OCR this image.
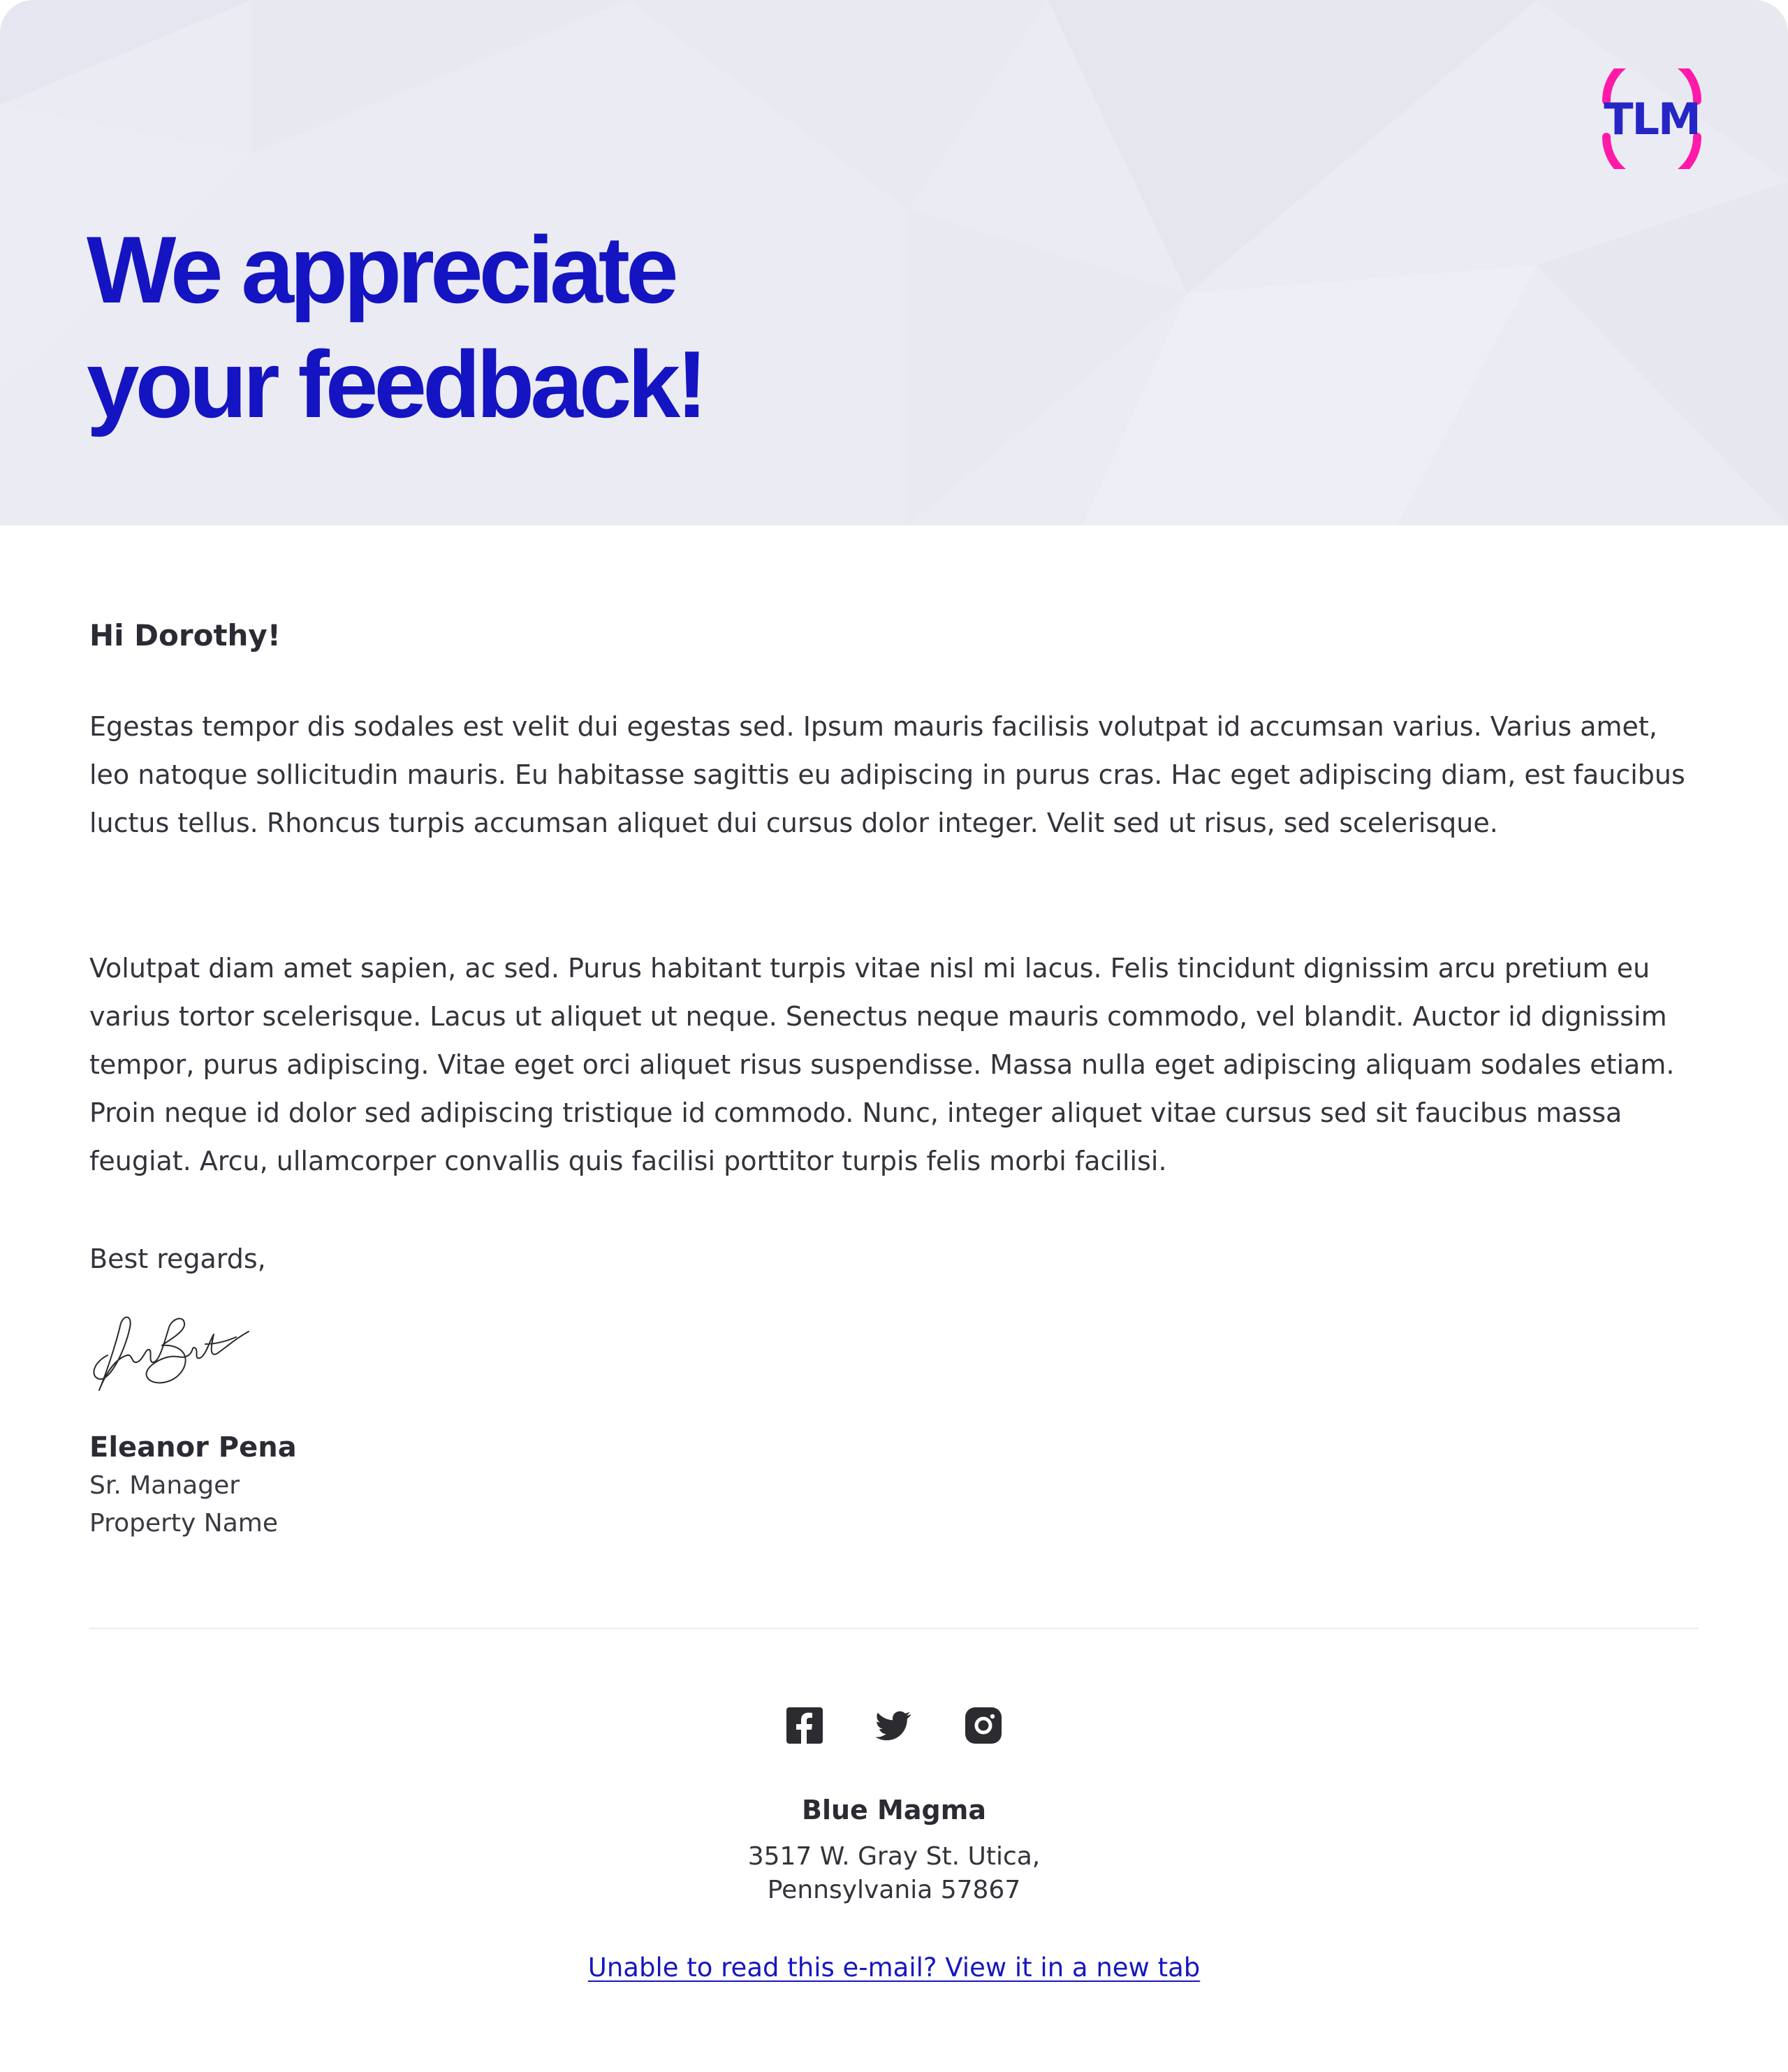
TLM
We appreciate
your feedback!

Hi Dorothy!

Egestas tempor dis sodales est velit dui egestas sed. Ipsum mauris facilisis volutpat id accumsan varius. Varius amet, leo natoque sollicitudin mauris. Eu habitasse sagittis eu adipiscing in purus cras. Hac eget adipiscing diam, est faucibus luctus tellus. Rhoncus turpis accumsan aliquet dui cursus dolor integer. Velit sed ut risus, sed scelerisque.

Volutpat diam amet sapien, ac sed. Purus habitant turpis vitae nisl mi lacus. Felis tincidunt dignissim arcu pretium eu varius tortor scelerisque. Lacus ut aliquet ut neque. Senectus neque mauris commodo, vel blandit. Auctor id dignissim tempor, purus adipiscing. Vitae eget orci aliquet risus suspendisse. Massa nulla eget adipiscing aliquam sodales etiam. Proin neque id dolor sed adipiscing tristique id commodo. Nunc, integer aliquet vitae cursus sed sit faucibus massa feugiat. Arcu, ullamcorper convallis quis facilisi porttitor turpis felis morbi facilisi.

Best regards,

Eleanor Pena

Sr. Manager

Property Name

Blue Magma

3517 W. Gray St. Utica,
Pennsylvania 57867

Unable to read this e-mail? View it in a new tab
